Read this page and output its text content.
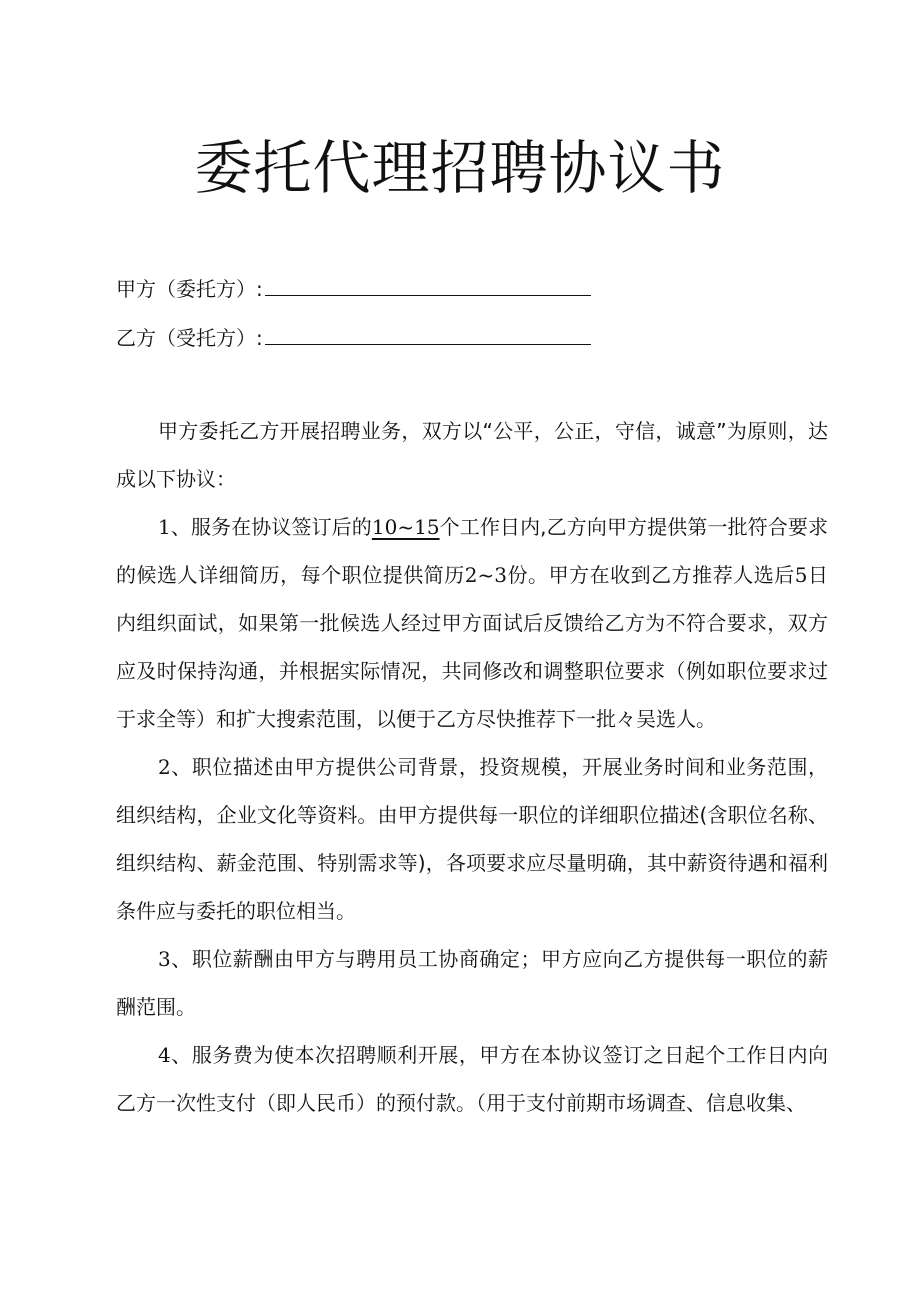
委托代理招聘协议书
甲方（委托方）:
乙方（受托方）:

甲方委托乙方开展招聘业务，双方以“公平，公正，守信，诚意”为原则，达成以下协议：

1、服务在协议签订后的10~15个工作日内,乙方向甲方提供第一批符合要求的候选人详细简历，每个职位提供简历2~3份。甲方在收到乙方推荐人选后5日内组织面试，如果第一批候选人经过甲方面试后反馈给乙方为不符合要求，双方应及时保持沟通，并根据实际情况，共同修改和调整职位要求（例如职位要求过于求全等）和扩大搜索范围，以便于乙方尽快推荐下一批々吴选人。

2、职位描述由甲方提供公司背景，投资规模，开展业务时间和业务范围，组织结构，企业文化等资料。由甲方提供每一职位的详细职位描述(含职位名称、组织结构、薪金范围、特别需求等)，各项要求应尽量明确，其中薪资待遇和福利条件应与委托的职位相当。

3、职位薪酬由甲方与聘用员工协商确定；甲方应向乙方提供每一职位的薪酬范围。

4、服务费为使本次招聘顺利开展，甲方在本协议签订之日起个工作日内向乙方一次性支付（即人民币）的预付款。（用于支付前期市场调查、信息收集、
